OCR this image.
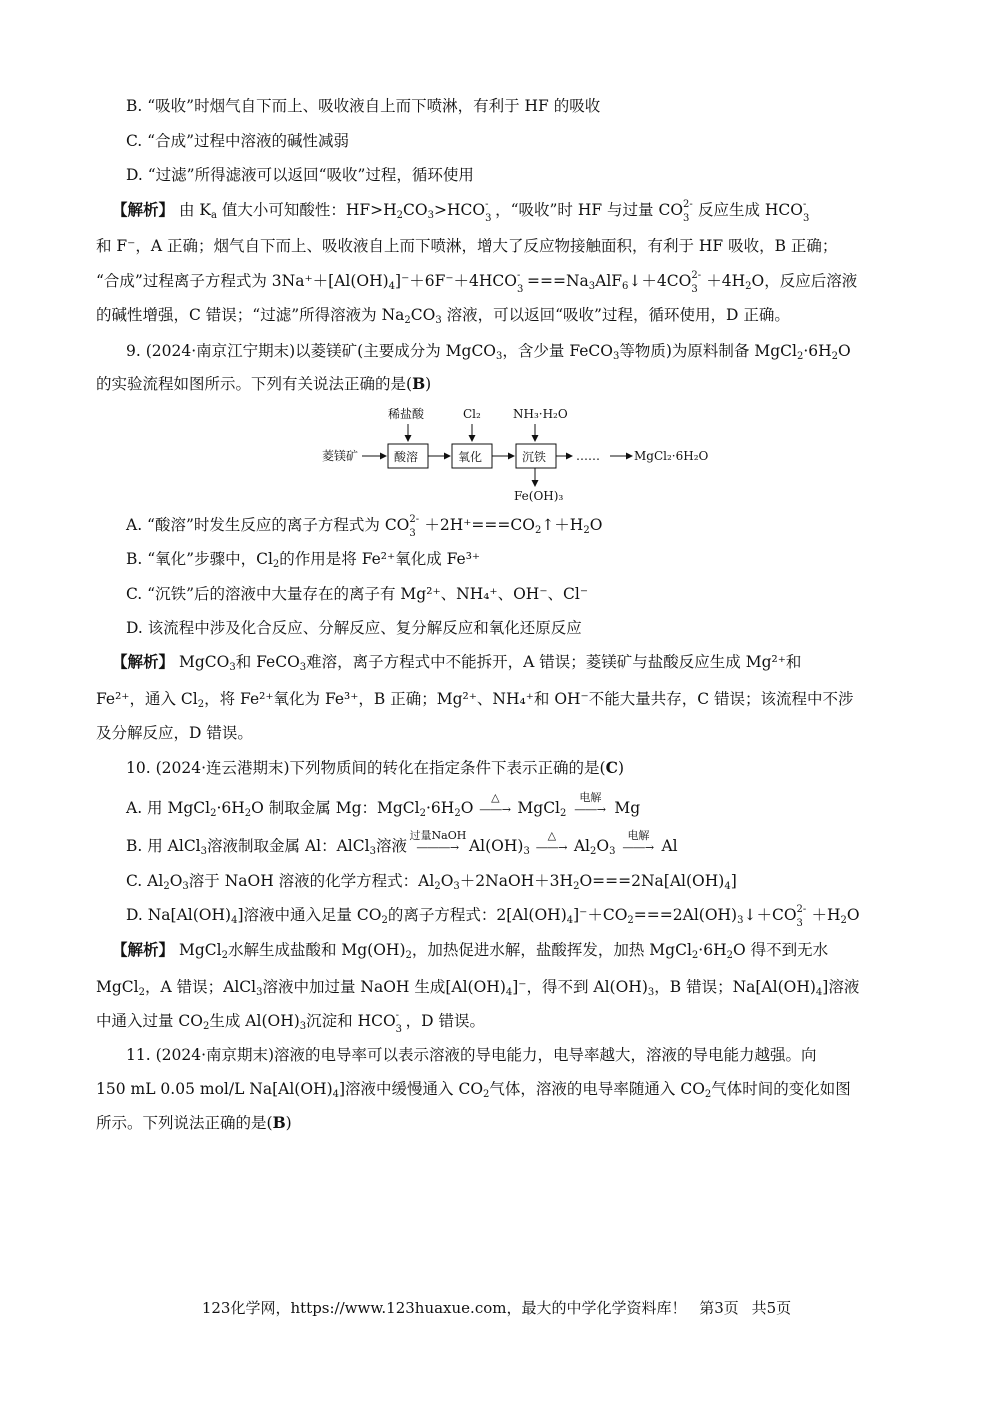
B. “吸收”时烟气自下而上、吸收液自上而下喷淋，有利于 HF 的吸收
C. “合成”过程中溶液的碱性减弱
D. “过滤”所得滤液可以返回“吸收”过程，循环使用
【解析】 由 $K_a$ 值大小可知酸性：$HF>H_2CO_3>HCO$ -
3 ，“吸收”时 HF 与过量 CO 2-
3 反应生成 HCO -
3
和 F⁻，A 正确；烟气自下而上、吸收液自上而下喷淋，增大了反应物接触面积，有利于 HF 吸收，B 正确；
“合成”过程离子方程式为 $3Na^++[Al(OH)_4]^-+6F^-+4HCO$ -
$3 ===Na_3AlF_6↓+4CO$ 2-
$3 +4H_2O$，反应后溶液
的碱性增强，C 错误；“过滤”所得溶液为 $Na_2CO_3$ 溶液，可以返回“吸收”过程，循环使用，D 正确。
9. (2024·南京江宁期末)以菱镁矿(主要成分为 MgCO$_3$，含少量 FeCO$_3$等物质)为原料制备 $MgCl_2\cdot 6H_2O$
的实验流程如图所示。下列有关说法正确的是(B)
稀盐酸	Cl₂	NH₃·H₂O
菱镁矿	酸溶	氧化	沉铁 ……	MgCl₂·6H₂O
Fe(OH)₃
A. “酸溶”时发生反应的离子方程式为 CO 2-
$3 +2H^+===CO_2↑+H_2O$
B. “氧化”步骤中，$Cl_2$的作用是将 Fe²⁺氧化成 Fe³⁺
C. “沉铁”后的溶液中大量存在的离子有 Mg²⁺、NH₄⁺、OH⁻、Cl⁻
D. 该流程中涉及化合反应、分解反应、复分解反应和氧化还原反应
【解析】 MgCO$_3$和 FeCO$_3$难溶，离子方程式中不能拆开，A 错误；菱镁矿与盐酸反应生成 Mg²⁺和
Fe²⁺，通入 $Cl_2$，将 Fe²⁺氧化为 Fe³⁺，B 正确；Mg²⁺、NH₄⁺和 OH⁻不能大量共存，C 错误；该流程中不涉
及分解反应，D 错误。
10. (2024·连云港期末)下列物质间的转化在指定条件下表示正确的是(C)
A. 用 $MgCl_2\cdot 6H_2O$ 制取金属 Mg：$MgCl_2\cdot 6H_2O$
△
――→ MgCl$_2$
电解
――→ Mg
B. 用 AlCl$_3$溶液制取金属 Al：AlCl$_3$溶液
过量NaOH
―――→ $Al(OH)_3$
△
――→ $Al_2O_3$
电解
――→ Al
C. $Al_2O_3$溶于 NaOH 溶液的化学方程式：$Al_2O_3+2NaOH+3H_2O===2Na[Al(OH)_4]$
D. $Na[Al(OH)_4]$溶液中通入足量 $CO_2$的离子方程式：$2[Al(OH)_4]^-+CO_2===2Al(OH)_3↓+CO$ 2-
$3 +H_2O$
【解析】 MgCl$_2$水解生成盐酸和 $Mg(OH)_2$，加热促进水解，盐酸挥发，加热 $MgCl_2\cdot 6H_2O$ 得不到无水
MgCl$_2$，A 错误；AlCl$_3$溶液中加过量 NaOH 生成$[Al(OH)_4]^-$，得不到 $Al(OH)_3$，B 错误；$Na[Al(OH)_4]$溶液
中通入过量 $CO_2$生成 $Al(OH)_3$沉淀和 HCO -
3 ，D 错误。
11. (2024·南京期末)溶液的电导率可以表示溶液的导电能力，电导率越大，溶液的导电能力越强。向
150 mL 0.05 mol/L $Na[Al(OH)_4]$溶液中缓慢通入 $CO_2$气体，溶液的电导率随通入 $CO_2$气体时间的变化如图
所示。下列说法正确的是(B)
123化学网，https://www.123huaxue.com，最大的中学化学资料库！ 第3页 共5页
